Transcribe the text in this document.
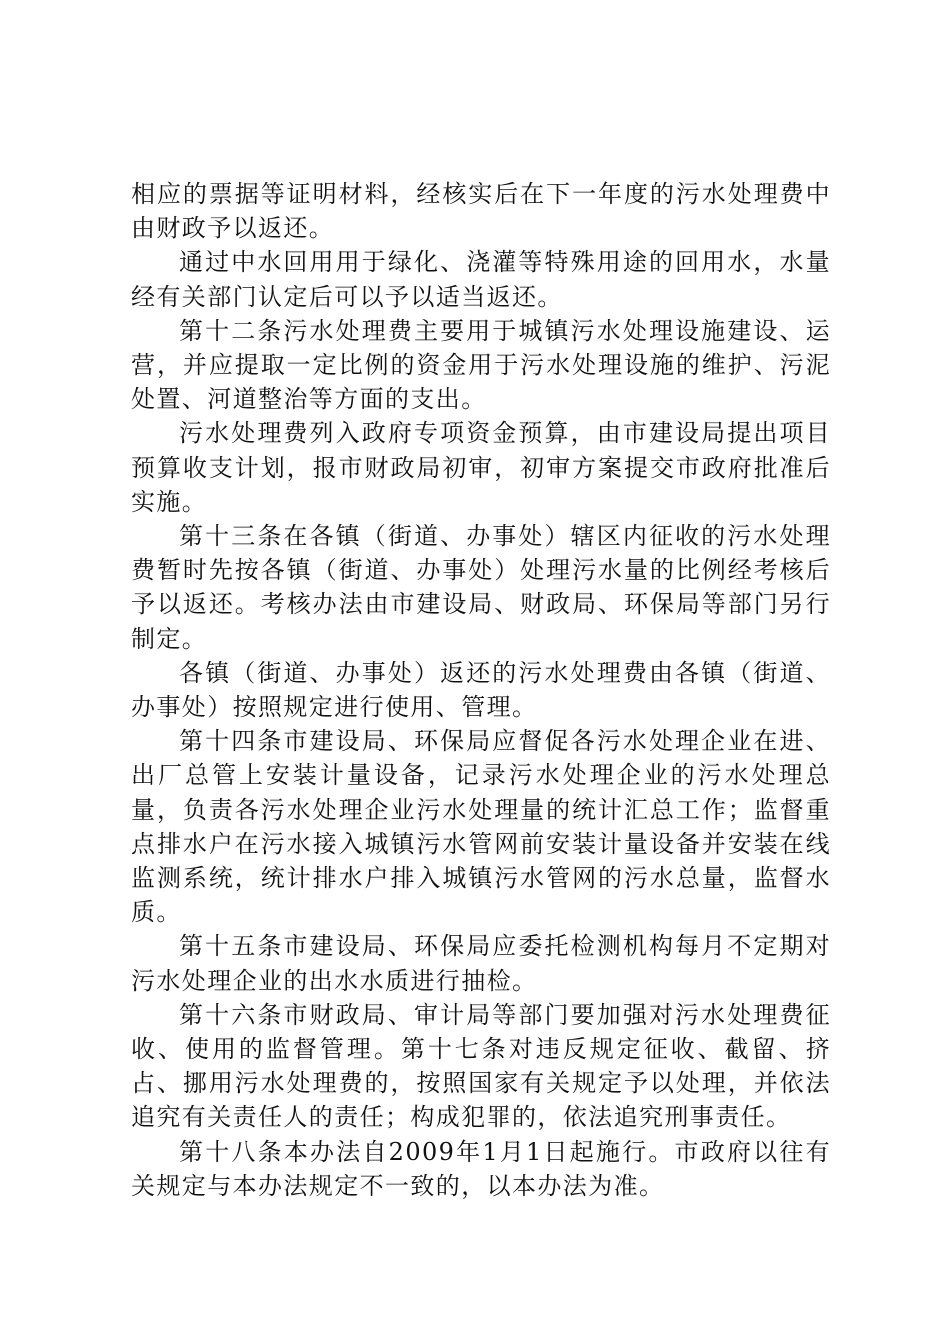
相应的票据等证明材料，经核实后在下一年度的污水处理费中由财政予以返还。

通过中水回用用于绿化、浇灌等特殊用途的回用水，水量经有关部门认定后可以予以适当返还。

第十二条污水处理费主要用于城镇污水处理设施建设、运营，并应提取一定比例的资金用于污水处理设施的维护、污泥处置、河道整治等方面的支出。

污水处理费列入政府专项资金预算，由市建设局提出项目预算收支计划，报市财政局初审，初审方案提交市政府批准后实施。

第十三条在各镇（街道、办事处）辖区内征收的污水处理费暂时先按各镇（街道、办事处）处理污水量的比例经考核后予以返还。考核办法由市建设局、财政局、环保局等部门另行制定。

各镇（街道、办事处）返还的污水处理费由各镇（街道、办事处）按照规定进行使用、管理。

第十四条市建设局、环保局应督促各污水处理企业在进、出厂总管上安装计量设备，记录污水处理企业的污水处理总量，负责各污水处理企业污水处理量的统计汇总工作；监督重点排水户在污水接入城镇污水管网前安装计量设备并安装在线监测系统，统计排水户排入城镇污水管网的污水总量，监督水质。

第十五条市建设局、环保局应委托检测机构每月不定期对污水处理企业的出水水质进行抽检。

第十六条市财政局、审计局等部门要加强对污水处理费征收、使用的监督管理。第十七条对违反规定征收、截留、挤占、挪用污水处理费的，按照国家有关规定予以处理，并依法追究有关责任人的责任；构成犯罪的，依法追究刑事责任。

第十八条本办法自2009年1月1日起施行。市政府以往有关规定与本办法规定不一致的，以本办法为准。
